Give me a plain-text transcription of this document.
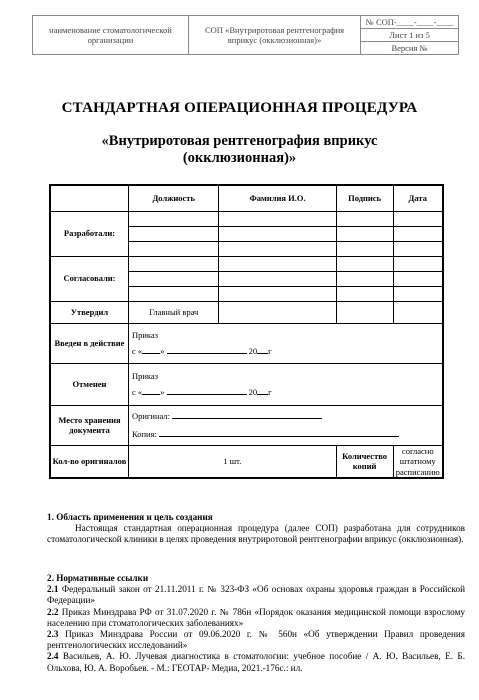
наименование стоматологической организации	СОП «Внутриротовая рентгенография вприкус (окклюзионная)»	№ СОП-____-____-____
Лист 1 из 5
Версия №
СТАНДАРТНАЯ ОПЕРАЦИОННАЯ ПРОЦЕДУРА
«Внутриротовая рентгенография вприкус
(окклюзионная)»
	Должность	Фамилия И.О.	Подпись	Дата
Разработали:				

Согласовали:				

Утвердил	Главный врач			
Введен в действие	Приказ
с « » 20 г			

Отменен	Приказ
с « » 20 г			

Место хранения документа	Оригинал:
Копия:			

Кол-во оригиналов	1 шт.		Количество копий	согласно штатному расписанию
1. Область применения и цель создания
Настоящая стандартная операционная процедура (далее СОП) разработана для сотрудников стоматологической клиники в целях проведения внутриротовой рентгенографии вприкус (окклюзионная).
2. Нормативные ссылки
2.1 Федеральный закон от 21.11.2011 г. № 323-ФЗ «Об основах охраны здоровья граждан в Российской Федерации»
2.2 Приказ Минздрава РФ от 31.07.2020 г. № 786н «Порядок оказания медицинской помощи взрослому населению при стоматологических заболеваниях»
2.3 Приказ Минздрава России от 09.06.2020 г. № 560н «Об утверждении Правил проведения рентгенологических исследований»
2.4 Васильев, А. Ю. Лучевая диагностика в стоматологии: учебное пособие / А. Ю. Васильев, Е. Б. Ольхова, Ю. А. Воробьев. - М.: ГЕОТАР- Медиа, 2021.-176с.: ил.
